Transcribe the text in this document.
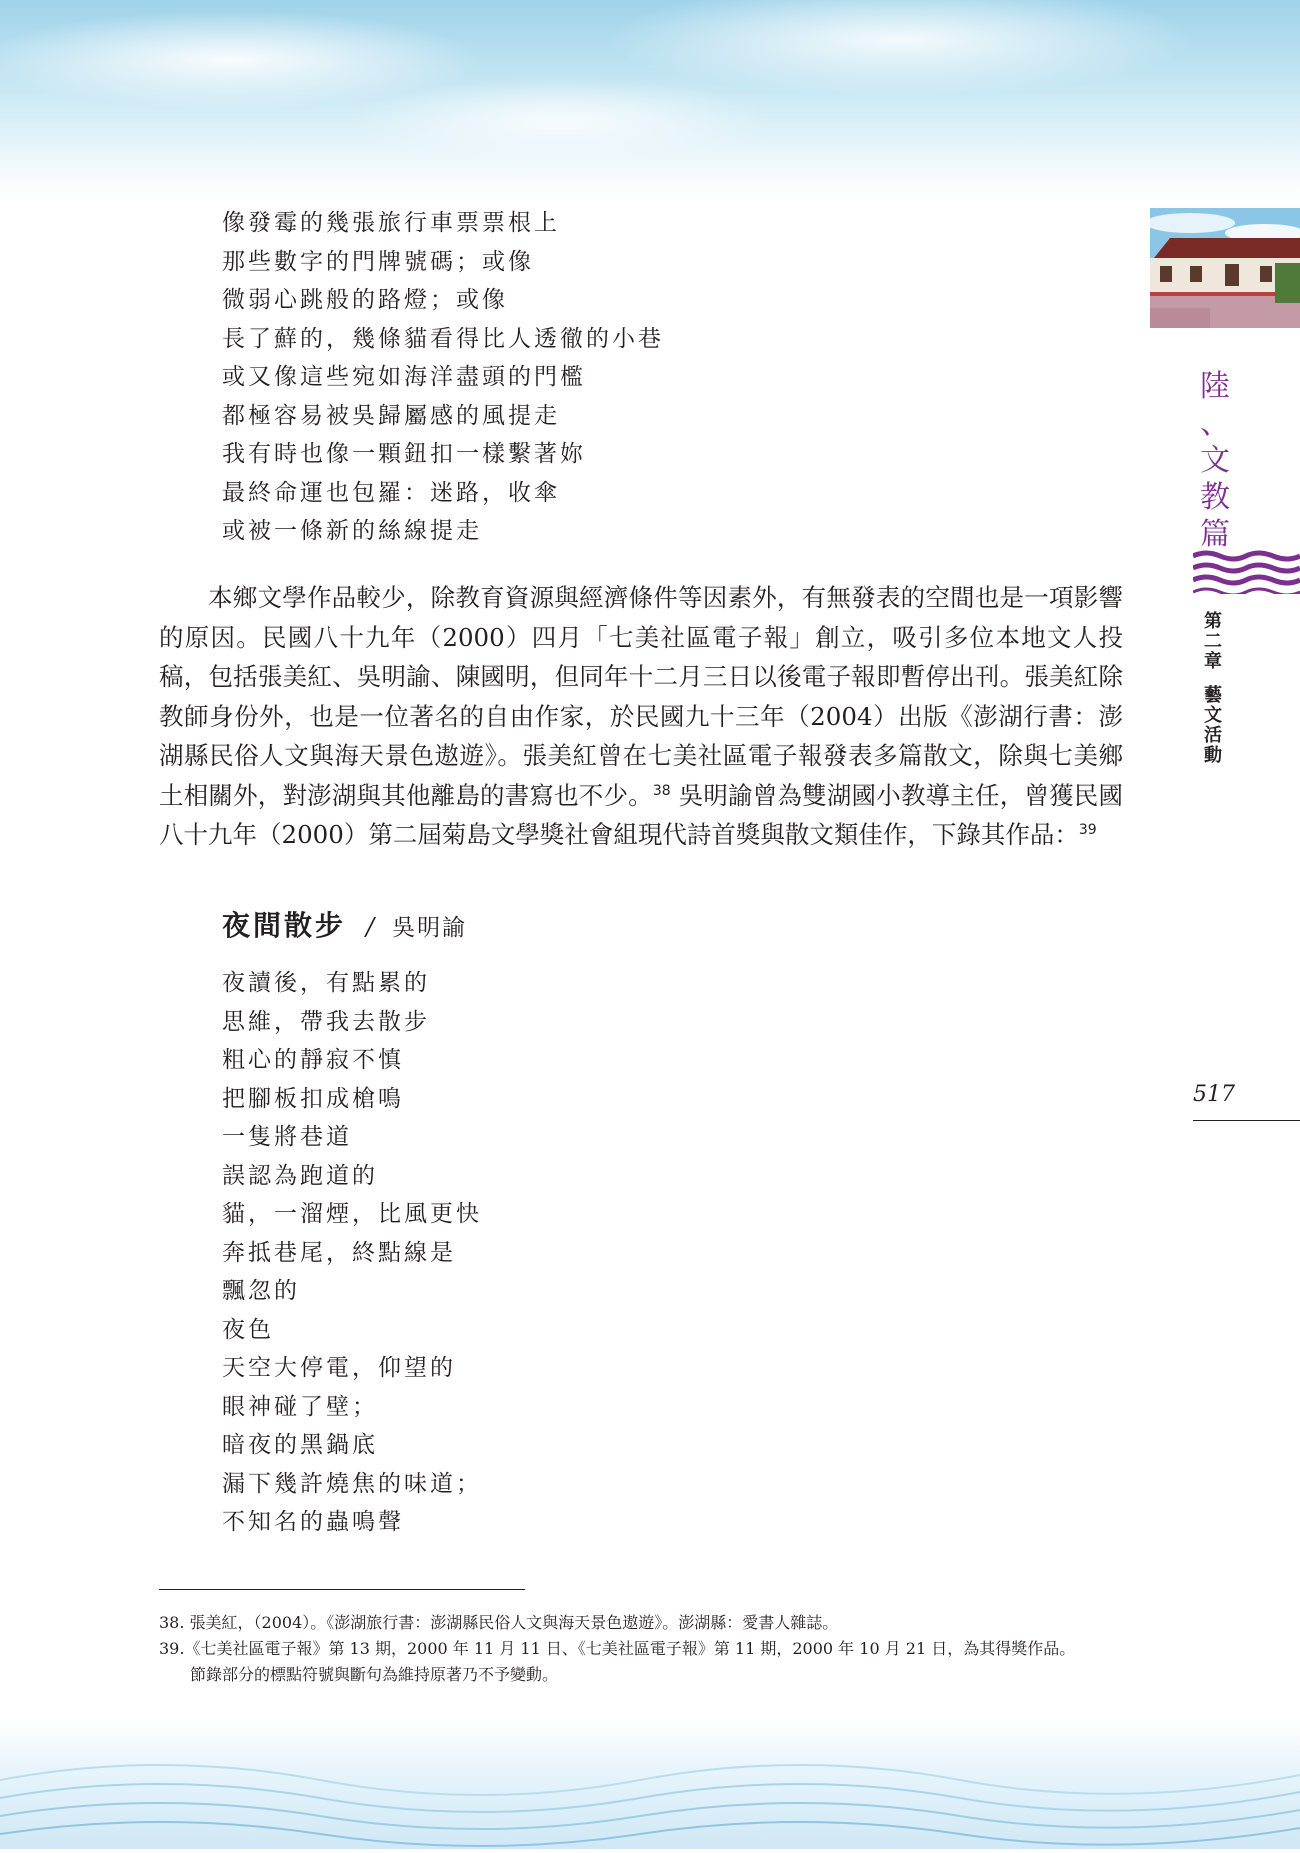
陸
、
文
教
篇
第
二
章
藝
文
活
動
517
像發霉的幾張旅行車票票根上
那些數字的門牌號碼；或像
微弱心跳般的路燈；或像
長了蘚的，幾條貓看得比人透徹的小巷
或又像這些宛如海洋盡頭的門檻
都極容易被吳歸屬感的風提走
我有時也像一顆鈕扣一樣繫著妳
最終命運也包羅：迷路，收傘
或被一條新的絲線提走

本鄉文學作品較少，除教育資源與經濟條件等因素外，有無發表的空間也是一項影響的原因。民國八十九年（2000）四月「七美社區電子報」創立，吸引多位本地文人投稿，包括張美紅、吳明諭、陳國明，但同年十二月三日以後電子報即暫停出刊。張美紅除教師身份外，也是一位著名的自由作家，於民國九十三年（2004）出版《澎湖行書：澎湖縣民俗人文與海天景色遨遊》。張美紅曾在七美社區電子報發表多篇散文，除與七美鄉土相關外，對澎湖與其他離島的書寫也不少。$^{38}$ 吳明諭曾為雙湖國小教導主任，曾獲民國八十九年（2000）第二屆菊島文學獎社會組現代詩首獎與散文類佳作，下錄其作品：$^{39}$

夜間散步 / 吳明諭
夜讀後，有點累的
思維，帶我去散步
粗心的靜寂不慎
把腳板扣成槍鳴
一隻將巷道
誤認為跑道的
貓，一溜煙，比風更快
奔抵巷尾，終點線是
飄忽的
夜色
天空大停電，仰望的
眼神碰了壁；
暗夜的黑鍋底
漏下幾許燒焦的味道；
不知名的蟲鳴聲
38. 張美紅，（2004）。《澎湖旅行書：澎湖縣民俗人文與海天景色遨遊》。澎湖縣：愛書人雜誌。
39.《七美社區電子報》第 13 期，2000 年 11 月 11 日、《七美社區電子報》第 11 期，2000 年 10 月 21 日，為其得獎作品。
節錄部分的標點符號與斷句為維持原著乃不予變動。
